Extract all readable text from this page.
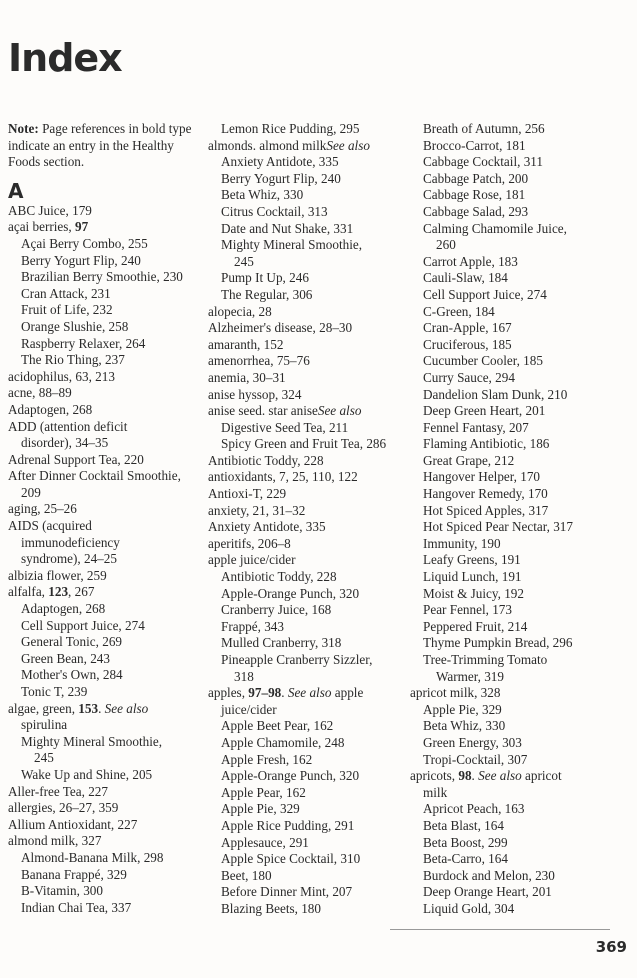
Index

Note: Page references in bold type indicate an entry in the Healthy Foods section.

A

ABC Juice, 179

açai berries, 97

Açai Berry Combo, 255

Berry Yogurt Flip, 240

Brazilian Berry Smoothie, 230

Cran Attack, 231

Fruit of Life, 232

Orange Slushie, 258

Raspberry Relaxer, 264

The Rio Thing, 237

acidophilus, 63, 213

acne, 88–89

Adaptogen, 268

ADD (attention deficit

disorder), 34–35

Adrenal Support Tea, 220

After Dinner Cocktail Smoothie,

209

aging, 25–26

AIDS (acquired

immunodeficiency

syndrome), 24–25

albizia flower, 259

alfalfa, 123, 267

Adaptogen, 268

Cell Support Juice, 274

General Tonic, 269

Green Bean, 243

Mother's Own, 284

Tonic T, 239

algae, green, 153. See also

spirulina

Mighty Mineral Smoothie,

245

Wake Up and Shine, 205

Aller-free Tea, 227

allergies, 26–27, 359

Allium Antioxidant, 227

almond milk, 327

Almond-Banana Milk, 298

Banana Frappé, 329

B-Vitamin, 300

Indian Chai Tea, 337

Lemon Rice Pudding, 295

almonds. almond milkSee also

Anxiety Antidote, 335

Berry Yogurt Flip, 240

Beta Whiz, 330

Citrus Cocktail, 313

Date and Nut Shake, 331

Mighty Mineral Smoothie,

245

Pump It Up, 246

The Regular, 306

alopecia, 28

Alzheimer's disease, 28–30

amaranth, 152

amenorrhea, 75–76

anemia, 30–31

anise hyssop, 324

anise seed. star aniseSee also

Digestive Seed Tea, 211

Spicy Green and Fruit Tea, 286

Antibiotic Toddy, 228

antioxidants, 7, 25, 110, 122

Antioxi-T, 229

anxiety, 21, 31–32

Anxiety Antidote, 335

aperitifs, 206–8

apple juice/cider

Antibiotic Toddy, 228

Apple-Orange Punch, 320

Cranberry Juice, 168

Frappé, 343

Mulled Cranberry, 318

Pineapple Cranberry Sizzler,

318

apples, 97–98. See also apple

juice/cider

Apple Beet Pear, 162

Apple Chamomile, 248

Apple Fresh, 162

Apple-Orange Punch, 320

Apple Pear, 162

Apple Pie, 329

Apple Rice Pudding, 291

Applesauce, 291

Apple Spice Cocktail, 310

Beet, 180

Before Dinner Mint, 207

Blazing Beets, 180

Breath of Autumn, 256

Brocco-Carrot, 181

Cabbage Cocktail, 311

Cabbage Patch, 200

Cabbage Rose, 181

Cabbage Salad, 293

Calming Chamomile Juice,

260

Carrot Apple, 183

Cauli-Slaw, 184

Cell Support Juice, 274

C-Green, 184

Cran-Apple, 167

Cruciferous, 185

Cucumber Cooler, 185

Curry Sauce, 294

Dandelion Slam Dunk, 210

Deep Green Heart, 201

Fennel Fantasy, 207

Flaming Antibiotic, 186

Great Grape, 212

Hangover Helper, 170

Hangover Remedy, 170

Hot Spiced Apples, 317

Hot Spiced Pear Nectar, 317

Immunity, 190

Leafy Greens, 191

Liquid Lunch, 191

Moist & Juicy, 192

Pear Fennel, 173

Peppered Fruit, 214

Thyme Pumpkin Bread, 296

Tree-Trimming Tomato

Warmer, 319

apricot milk, 328

Apple Pie, 329

Beta Whiz, 330

Green Energy, 303

Tropi-Cocktail, 307

apricots, 98. See also apricot

milk

Apricot Peach, 163

Beta Blast, 164

Beta Boost, 299

Beta-Carro, 164

Burdock and Melon, 230

Deep Orange Heart, 201

Liquid Gold, 304

369
